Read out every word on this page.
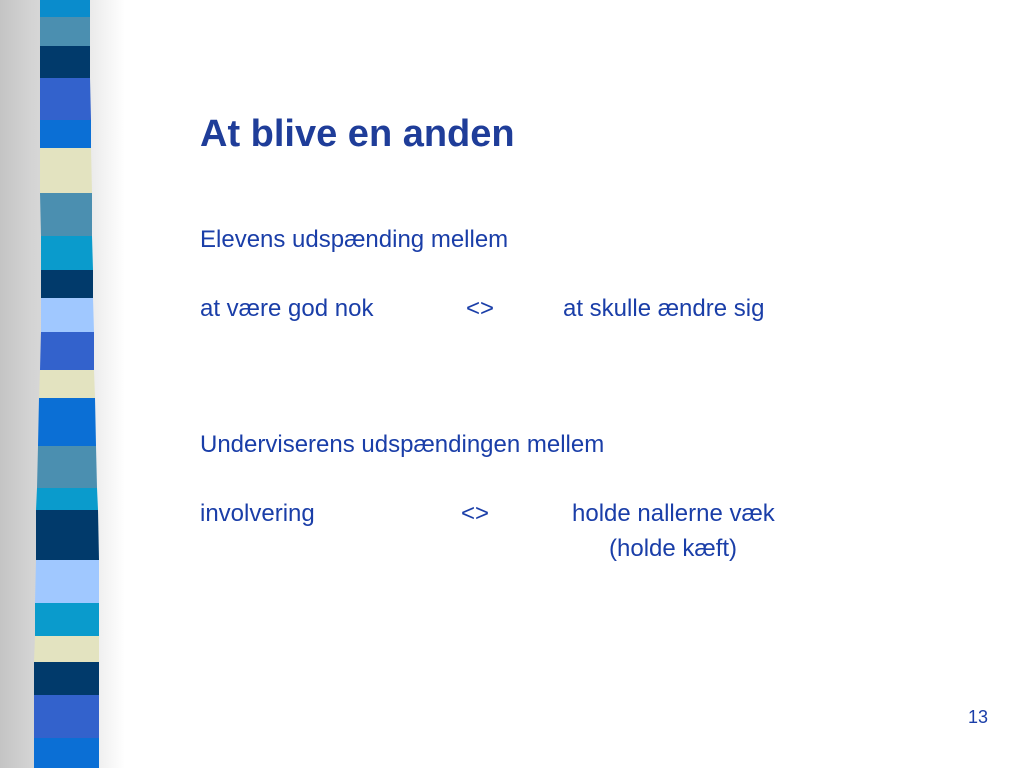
At blive en anden

Elevens udspænding mellem

at være god nok	<>	at skulle ændre sig

Underviserens udspændingen mellem

involvering	<>	holde nallerne væk

(holde kæft)

13
